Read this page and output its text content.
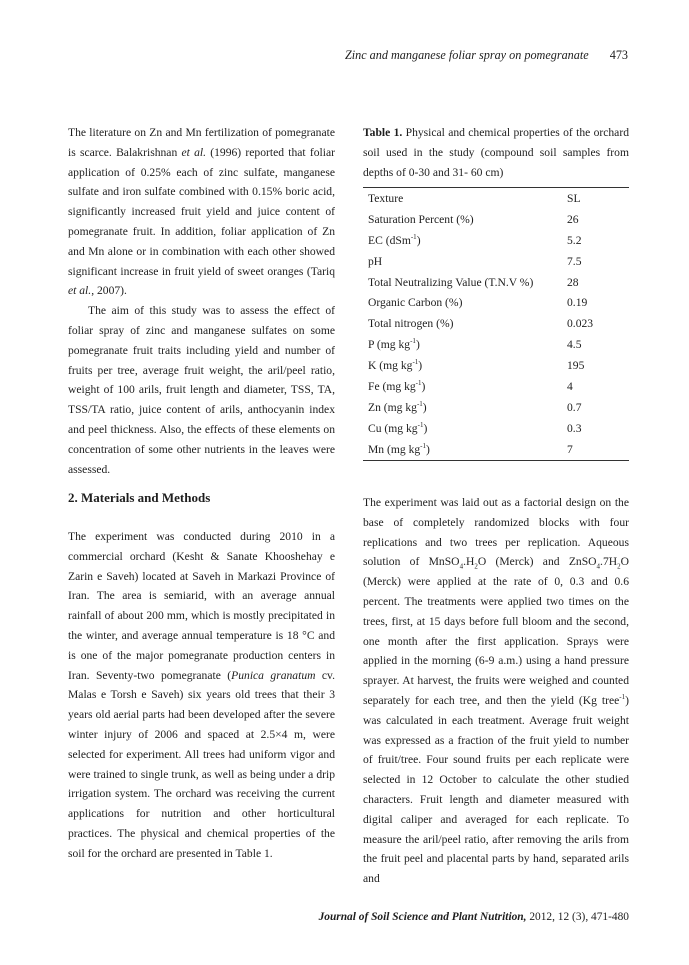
Zinc and manganese foliar spray on pomegranate 473

The literature on Zn and Mn fertilization of pomegranate is scarce. Balakrishnan et al. (1996) reported that foliar application of 0.25% each of zinc sulfate, manganese sulfate and iron sulfate combined with 0.15% boric acid, significantly increased fruit yield and juice content of pomegranate fruit. In addition, foliar application of Zn and Mn alone or in combination with each other showed significant increase in fruit yield of sweet oranges (Tariq et al., 2007).

The aim of this study was to assess the effect of foliar spray of zinc and manganese sulfates on some pomegranate fruit traits including yield and number of fruits per tree, average fruit weight, the aril/peel ratio, weight of 100 arils, fruit length and diameter, TSS, TA, TSS/TA ratio, juice content of arils, anthocyanin index and peel thickness. Also, the effects of these elements on concentration of some other nutrients in the leaves were assessed.

Table 1. Physical and chemical properties of the orchard soil used in the study (compound soil samples from depths of 0-30 and 31- 60 cm)
Texture	SL
Saturation Percent (%)	26
EC (dSm$^{-1}$)	5.2
pH	7.5
Total Neutralizing Value (T.N.V %)	28
Organic Carbon (%)	0.19
Total nitrogen (%)	0.023
P (mg $kg^{-1}$)	4.5
K (mg $kg^{-1}$)	195
Fe (mg $kg^{-1}$)	4
Zn (mg $kg^{-1}$)	0.7
Cu (mg $kg^{-1}$)	0.3
Mn (mg $kg^{-1}$)	7
2. Materials and Methods

The experiment was conducted during 2010 in a commercial orchard (Kesht & Sanate Khooshehay e Zarin e Saveh) located at Saveh in Markazi Province of Iran. The area is semiarid, with an average annual rainfall of about 200 mm, which is mostly precipitated in the winter, and average annual temperature is 18 °C and is one of the major pomegranate production centers in Iran. Seventy-two pomegranate (Punica granatum cv. Malas e Torsh e Saveh) six years old trees that their 3 years old aerial parts had been developed after the severe winter injury of 2006 and spaced at 2.5×4 m, were selected for experiment. All trees had uniform vigor and were trained to single trunk, as well as being under a drip irrigation system. The orchard was receiving the current applications for nutrition and other horticultural practices. The physical and chemical properties of the soil for the orchard are presented in Table 1.

The experiment was laid out as a factorial design on the base of completely randomized blocks with four replications and two trees per replication. Aqueous solution of $MnSO_4.H_2O$ (Merck) and $ZnSO_4.7H_2O$ (Merck) were applied at the rate of 0, 0.3 and 0.6 percent. The treatments were applied two times on the trees, first, at 15 days before full bloom and the second, one month after the first application. Sprays were applied in the morning (6-9 a.m.) using a hand pressure sprayer. At harvest, the fruits were weighed and counted separately for each tree, and then the yield (Kg tree$^{-1}$) was calculated in each treatment. Average fruit weight was expressed as a fraction of the fruit yield to number of fruit/tree. Four sound fruits per each replicate were selected in 12 October to calculate the other studied characters. Fruit length and diameter measured with digital caliper and averaged for each replicate. To measure the aril/peel ratio, after removing the arils from the fruit peel and placental parts by hand, separated arils and

Journal of Soil Science and Plant Nutrition, 2012, 12 (3), 471-480
